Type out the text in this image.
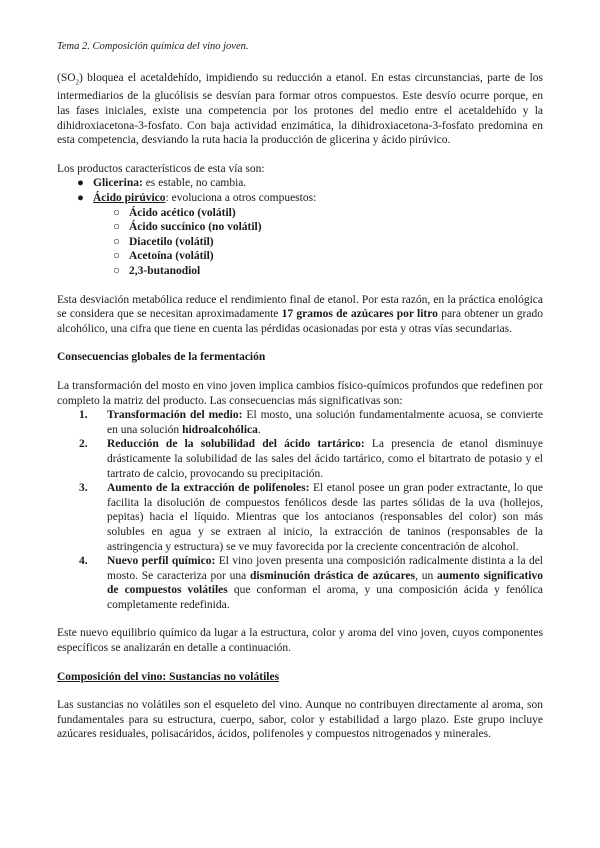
Tema 2. Composición química del vino joven.

$(SO_2)$ bloquea el acetaldehído, impidiendo su reducción a etanol. En estas circunstancias, parte de los intermediarios de la glucólisis se desvían para formar otros compuestos. Este desvío ocurre porque, en las fases iniciales, existe una competencia por los protones del medio entre el acetaldehído y la dihidroxiacetona-3-fosfato. Con baja actividad enzimática, la dihidroxiacetona-3-fosfato predomina en esta competencia, desviando la ruta hacia la producción de glicerina y ácido pirúvico.

Los productos característicos de esta vía son:

● Glicerina: es estable, no cambia.
● Ácido pirúvico: evoluciona a otros compuestos:
○ Ácido acético (volátil)
○ Ácido succínico (no volátil)
○ Diacetilo (volátil)
○ Acetoína (volátil)
○ 2,3-butanodiol

Esta desviación metabólica reduce el rendimiento final de etanol. Por esta razón, en la práctica enológica se considera que se necesitan aproximadamente 17 gramos de azúcares por litro para obtener un grado alcohólico, una cifra que tiene en cuenta las pérdidas ocasionadas por esta y otras vías secundarias.

Consecuencias globales de la fermentación

La transformación del mosto en vino joven implica cambios físico-químicos profundos que redefinen por completo la matriz del producto. Las consecuencias más significativas son:

1. Transformación del medio: El mosto, una solución fundamentalmente acuosa, se convierte en una solución hidroalcohólica.
2. Reducción de la solubilidad del ácido tartárico: La presencia de etanol disminuye drásticamente la solubilidad de las sales del ácido tartárico, como el bitartrato de potasio y el tartrato de calcio, provocando su precipitación.
3. Aumento de la extracción de polifenoles: El etanol posee un gran poder extractante, lo que facilita la disolución de compuestos fenólicos desde las partes sólidas de la uva (hollejos, pepitas) hacia el líquido. Mientras que los antocianos (responsables del color) son más solubles en agua y se extraen al inicio, la extracción de taninos (responsables de la astringencia y estructura) se ve muy favorecida por la creciente concentración de alcohol.
4. Nuevo perfil químico: El vino joven presenta una composición radicalmente distinta a la del mosto. Se caracteriza por una disminución drástica de azúcares, un aumento significativo de compuestos volátiles que conforman el aroma, y una composición ácida y fenólica completamente redefinida.

Este nuevo equilibrio químico da lugar a la estructura, color y aroma del vino joven, cuyos componentes específicos se analizarán en detalle a continuación.

Composición del vino: Sustancias no volátiles

Las sustancias no volátiles son el esqueleto del vino. Aunque no contribuyen directamente al aroma, son fundamentales para su estructura, cuerpo, sabor, color y estabilidad a largo plazo. Este grupo incluye azúcares residuales, polisacáridos, ácidos, polifenoles y compuestos nitrogenados y minerales.
